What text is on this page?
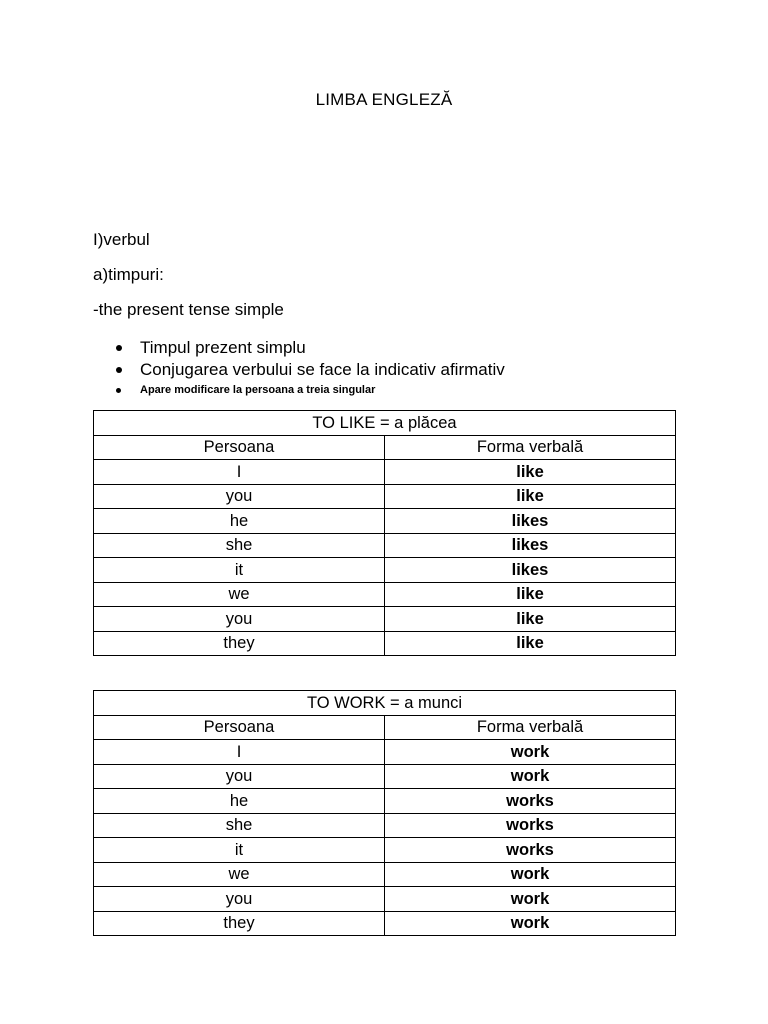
LIMBA ENGLEZĂ
I)verbul
a)timpuri:
-the present tense simple
Timpul prezent simplu
Conjugarea verbului se face la indicativ afirmativ
Apare modificare la persoana a treia singular
TO LIKE = a plăcea	
Persoana	Forma verbală
I	like
you	like
he	likes
she	likes
it	likes
we	like
you	like
they	like
TO WORK = a munci	
Persoana	Forma verbală
I	work
you	work
he	works
she	works
it	works
we	work
you	work
they	work
